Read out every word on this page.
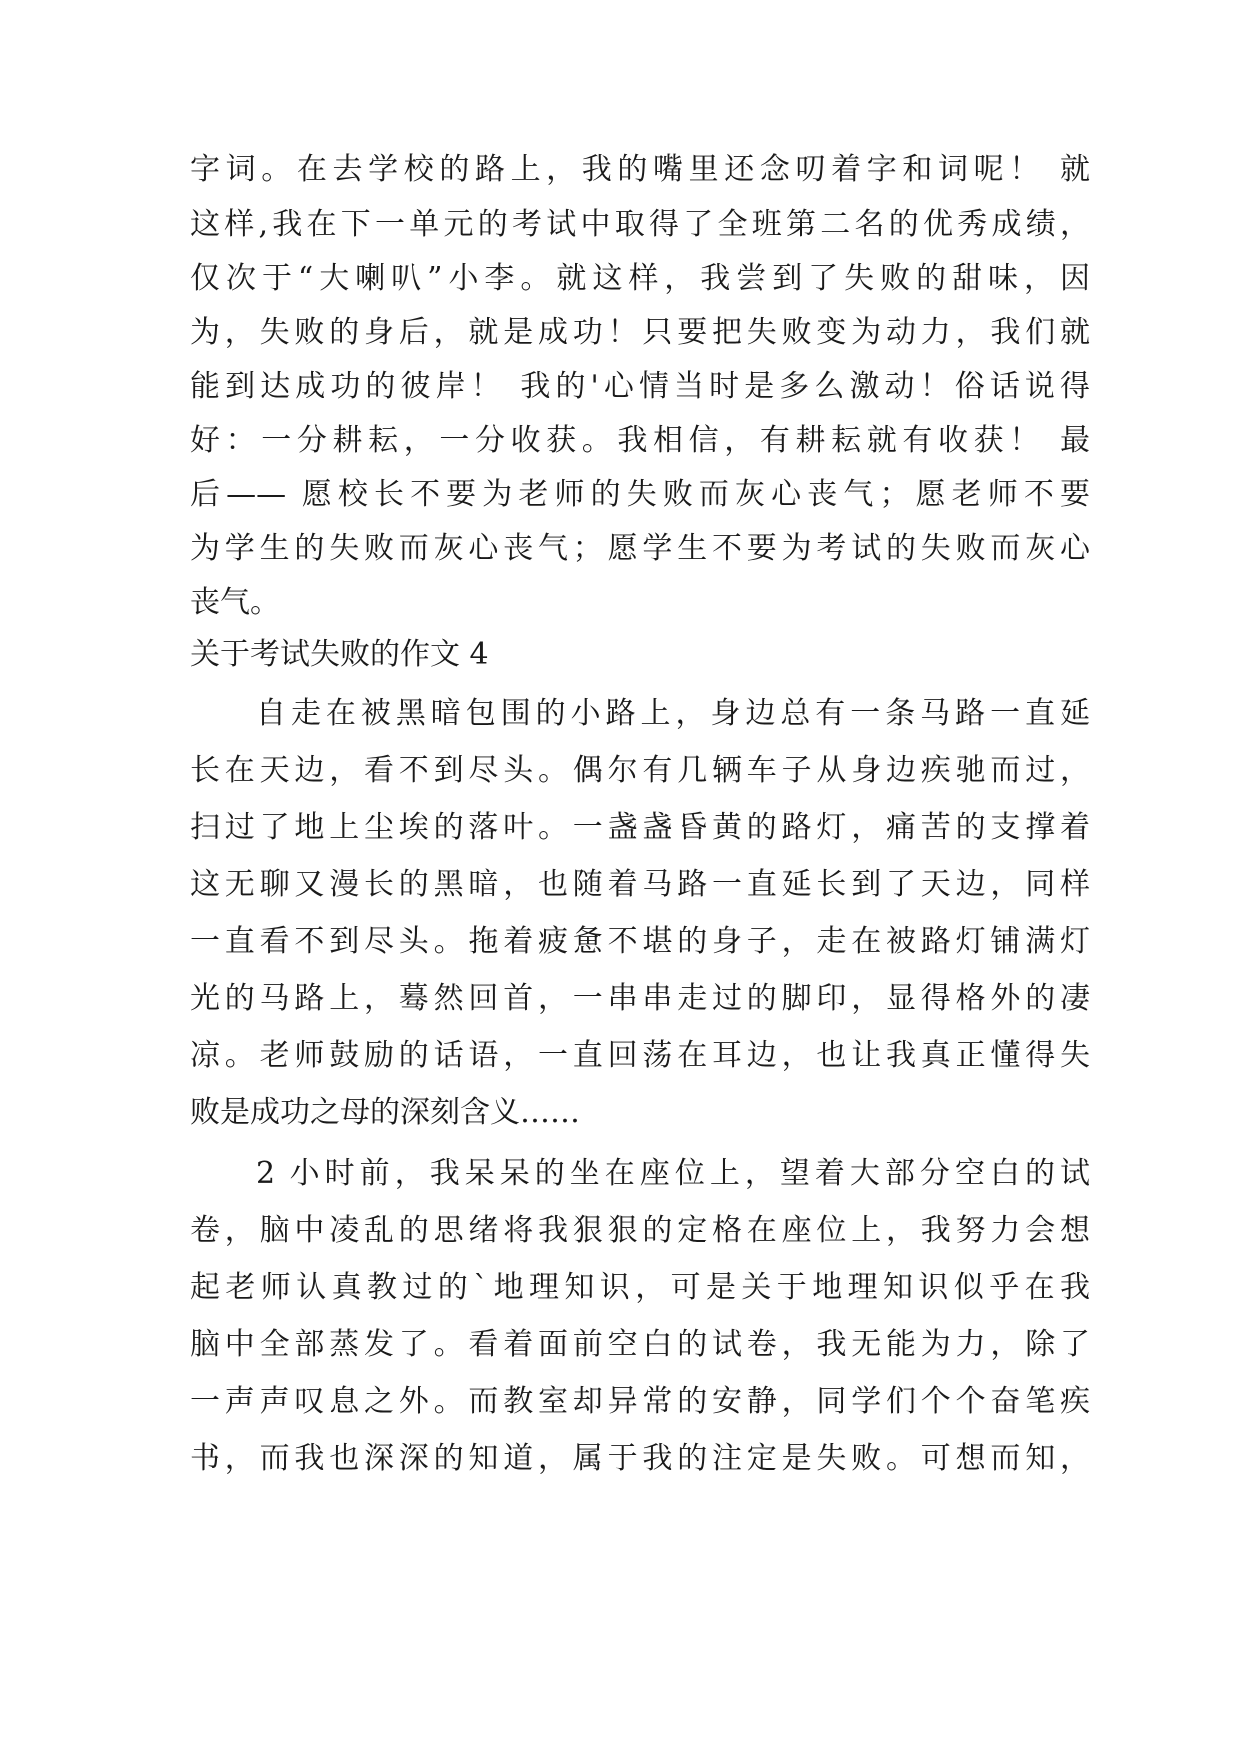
字词。在去学校的路上，我的嘴里还念叨着字和词呢！ 就
这样,我在下一单元的考试中取得了全班第二名的优秀成绩，
仅次于“大喇叭”小李。就这样，我尝到了失败的甜味，因
为，失败的身后，就是成功！只要把失败变为动力，我们就
能到达成功的彼岸！ 我的'心情当时是多么激动！俗话说得
好：一分耕耘，一分收获。我相信，有耕耘就有收获！ 最
后—— 愿校长不要为老师的失败而灰心丧气；愿老师不要
为学生的失败而灰心丧气；愿学生不要为考试的失败而灰心
丧气。
关于考试失败的作文 4
自走在被黑暗包围的小路上，身边总有一条马路一直延
长在天边，看不到尽头。偶尔有几辆车子从身边疾驰而过，
扫过了地上尘埃的落叶。一盏盏昏黄的路灯，痛苦的支撑着
这无聊又漫长的黑暗，也随着马路一直延长到了天边，同样
一直看不到尽头。拖着疲惫不堪的身子，走在被路灯铺满灯
光的马路上，蓦然回首，一串串走过的脚印，显得格外的凄
凉。老师鼓励的话语，一直回荡在耳边，也让我真正懂得失
败是成功之母的深刻含义……
2 小时前，我呆呆的坐在座位上，望着大部分空白的试
卷，脑中凌乱的思绪将我狠狠的定格在座位上，我努力会想
起老师认真教过的`地理知识，可是关于地理知识似乎在我
脑中全部蒸发了。看着面前空白的试卷，我无能为力，除了
一声声叹息之外。而教室却异常的安静，同学们个个奋笔疾
书，而我也深深的知道，属于我的注定是失败。可想而知，
